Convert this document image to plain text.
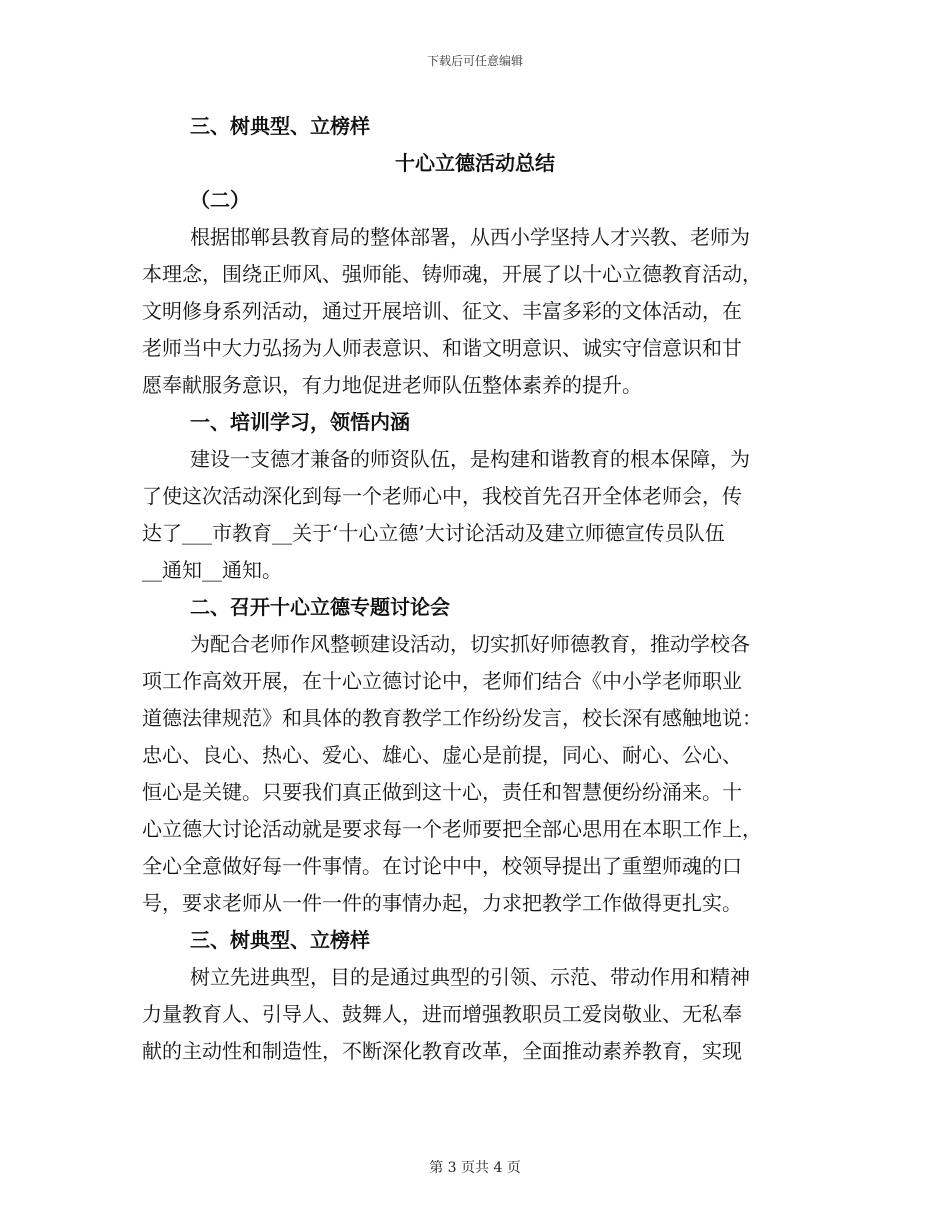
下载后可任意编辑
三、树典型、立榜样
十心立德活动总结
（二）
根据邯郸县教育局的整体部署，从西小学坚持人才兴教、老师为
本理念，围绕正师风、强师能、铸师魂，开展了以十心立德教育活动，
文明修身系列活动，通过开展培训、征文、丰富多彩的文体活动，在
老师当中大力弘扬为人师表意识、和谐文明意识、诚实守信意识和甘
愿奉献服务意识，有力地促进老师队伍整体素养的提升。
一、培训学习，领悟内涵
建设一支德才兼备的师资队伍，是构建和谐教育的根本保障，为
了使这次活动深化到每一个老师心中，我校首先召开全体老师会，传
达了___市教育__关于‘十心立德’大讨论活动及建立师德宣传员队伍
__通知__通知。
二、召开十心立德专题讨论会
为配合老师作风整顿建设活动，切实抓好师德教育，推动学校各
项工作高效开展，在十心立德讨论中，老师们结合《中小学老师职业
道德法律规范》和具体的教育教学工作纷纷发言，校长深有感触地说：
忠心、良心、热心、爱心、雄心、虚心是前提，同心、耐心、公心、
恒心是关键。只要我们真正做到这十心，责任和智慧便纷纷涌来。十
心立德大讨论活动就是要求每一个老师要把全部心思用在本职工作上，
全心全意做好每一件事情。在讨论中中，校领导提出了重塑师魂的口
号，要求老师从一件一件的事情办起，力求把教学工作做得更扎实。
三、树典型、立榜样
树立先进典型，目的是通过典型的引领、示范、带动作用和精神
力量教育人、引导人、鼓舞人，进而增强教职员工爱岗敬业、无私奉
献的主动性和制造性，不断深化教育改革，全面推动素养教育，实现
第 3 页共 4 页
